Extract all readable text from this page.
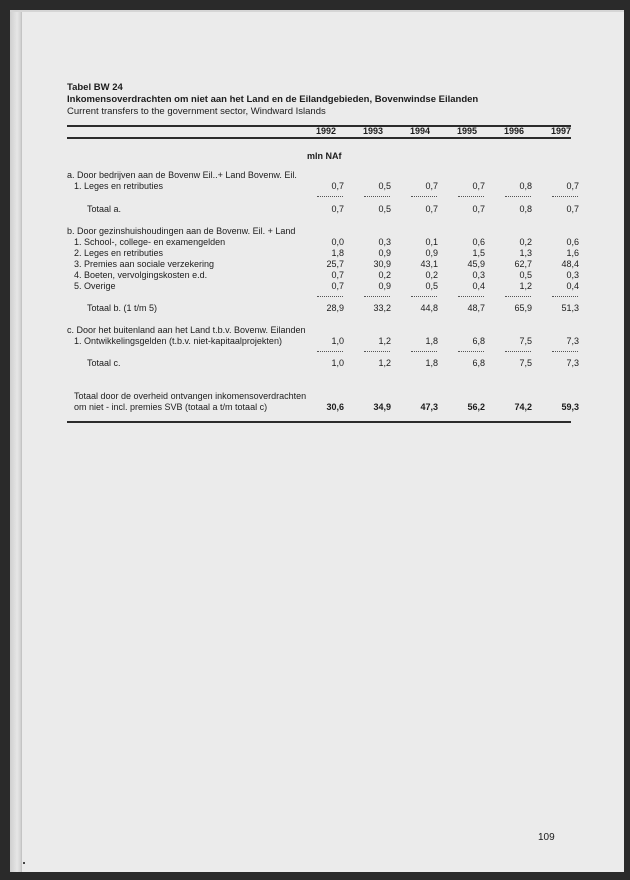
Tabel BW 24
Inkomensoverdrachten om niet aan het Land en de Eilandgebieden, Bovenwindse Eilanden
Current transfers to the government sector, Windward Islands
1992	1993	1994	1995	1996	1997
mln NAf
a. Door bedrijven aan de Bovenw Eil..+ Land Bovenw. Eil.
1. Leges en retributies	0,7	0,5	0,7	0,7	0,8	0,7
Totaal a.	0,7	0,5	0,7	0,7	0,8	0,7
b. Door gezinshuishoudingen aan de Bovenw. Eil. + Land
1. School-, college- en examengelden	0,0	0,3	0,1	0,6	0,2	0,6
2. Leges en retributies	1,8	0,9	0,9	1,5	1,3	1,6
3. Premies aan sociale verzekering	25,7	30,9	43,1	45,9	62,7	48,4
4. Boeten, vervolgingskosten e.d.	0,7	0,2	0,2	0,3	0,5	0,3
5. Overige	0,7	0,9	0,5	0,4	1,2	0,4
Totaal b. (1 t/m 5)	28,9	33,2	44,8	48,7	65,9	51,3
c. Door het buitenland aan het Land t.b.v. Bovenw. Eilanden
1. Ontwikkelingsgelden (t.b.v. niet-kapitaalprojekten)	1,0	1,2	1,8	6,8	7,5	7,3
Totaal c.	1,0	1,2	1,8	6,8	7,5	7,3
Totaal door de overheid ontvangen inkomensoverdrachten
om niet - incl. premies SVB (totaal a t/m totaal c)	30,6	34,9	47,3	56,2	74,2	59,3
109
